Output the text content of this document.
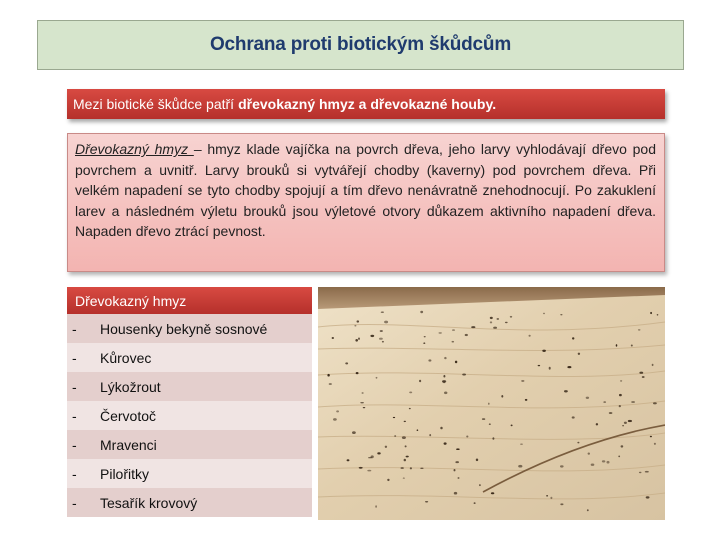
Ochrana proti biotickým škůdcům
Mezi biotické škůdce patří dřevokazný hmyz a dřevokazné houby.
Dřevokazný hmyz – hmyz klade vajíčka na povrch dřeva, jeho larvy vyhlodávají dřevo pod povrchem a uvnitř. Larvy brouků si vytvářejí chodby (kaverny) pod povrchem dřeva. Při velkém napadení se tyto chodby spojují a tím dřevo nenávratně znehodnocují. Po zakuklení larev a následném výletu brouků jsou výletové otvory důkazem aktivního napadení dřeva. Napaden dřevo ztrácí pevnost.
Dřevokazný hmyz
-	Housenky bekyně sosnové
-	Kůrovec
-	Lýkožrout
-	Červotoč
-	Mravenci
-	Pilořitky
-	Tesařík krovový
